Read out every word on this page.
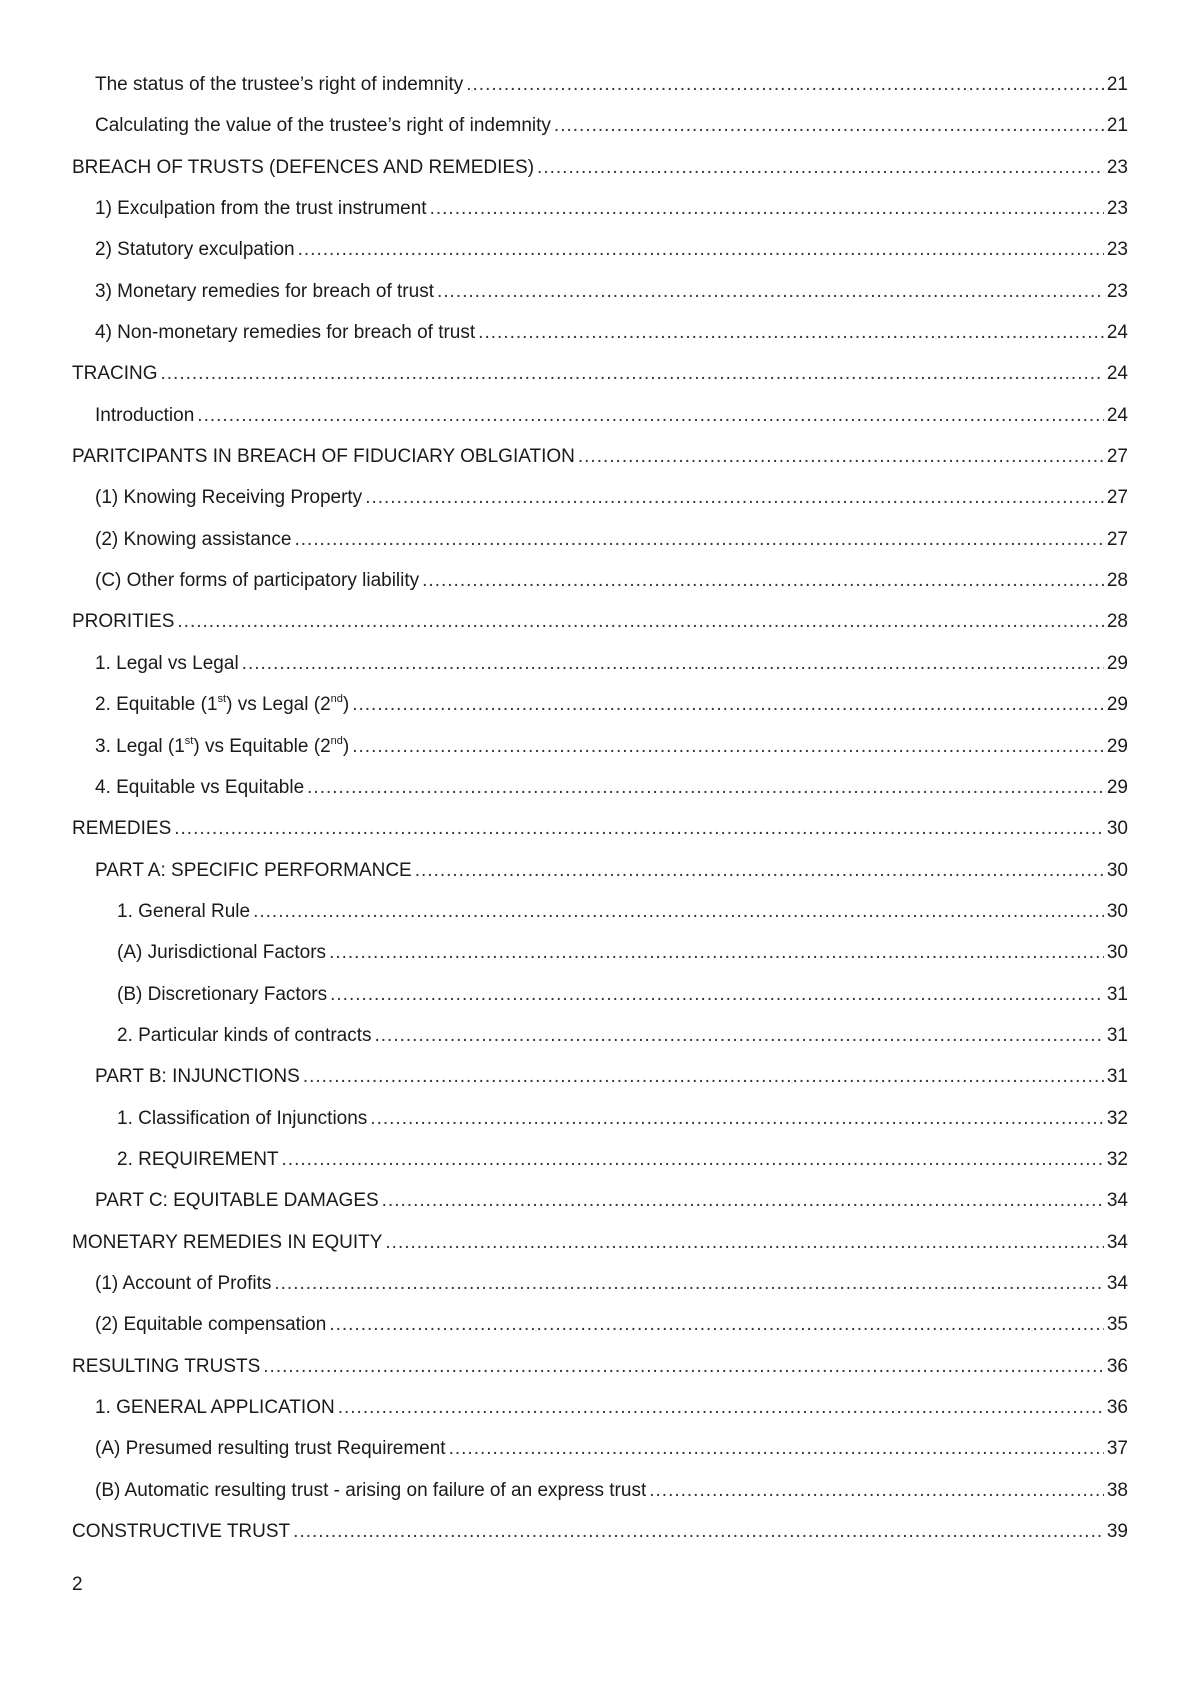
The status of the trustee’s right of indemnity .....	21
Calculating the value of the trustee’s right of indemnity .....	21
BREACH OF TRUSTS (DEFENCES AND REMEDIES) .....	23
1) Exculpation from the trust instrument .....	23
2) Statutory exculpation .....	23
3) Monetary remedies for breach of trust .....	23
4) Non-monetary remedies for breach of trust .....	24
TRACING .....	24
Introduction .....	24
PARITCIPANTS IN BREACH OF FIDUCIARY OBLGIATION .....	27
(1) Knowing Receiving Property .....	27
(2) Knowing assistance .....	27
(C) Other forms of participatory liability .....	28
PRORITIES .....	28
1. Legal vs Legal .....	29
2. Equitable (1st) vs Legal (2nd) .....	29
3. Legal (1st) vs Equitable (2nd) .....	29
4. Equitable vs Equitable .....	29
REMEDIES .....	30
PART A: SPECIFIC PERFORMANCE .....	30
1. General Rule .....	30
(A) Jurisdictional Factors .....	30
(B) Discretionary Factors .....	31
2. Particular kinds of contracts .....	31
PART B: INJUNCTIONS .....	31
1. Classification of Injunctions .....	32
2. REQUIREMENT .....	32
PART C: EQUITABLE DAMAGES .....	34
MONETARY REMEDIES IN EQUITY .....	34
(1) Account of Profits .....	34
(2) Equitable compensation .....	35
RESULTING TRUSTS .....	36
1. GENERAL APPLICATION .....	36
(A) Presumed resulting trust Requirement .....	37
(B) Automatic resulting trust - arising on failure of an express trust .....	38
CONSTRUCTIVE TRUST .....	39
2
